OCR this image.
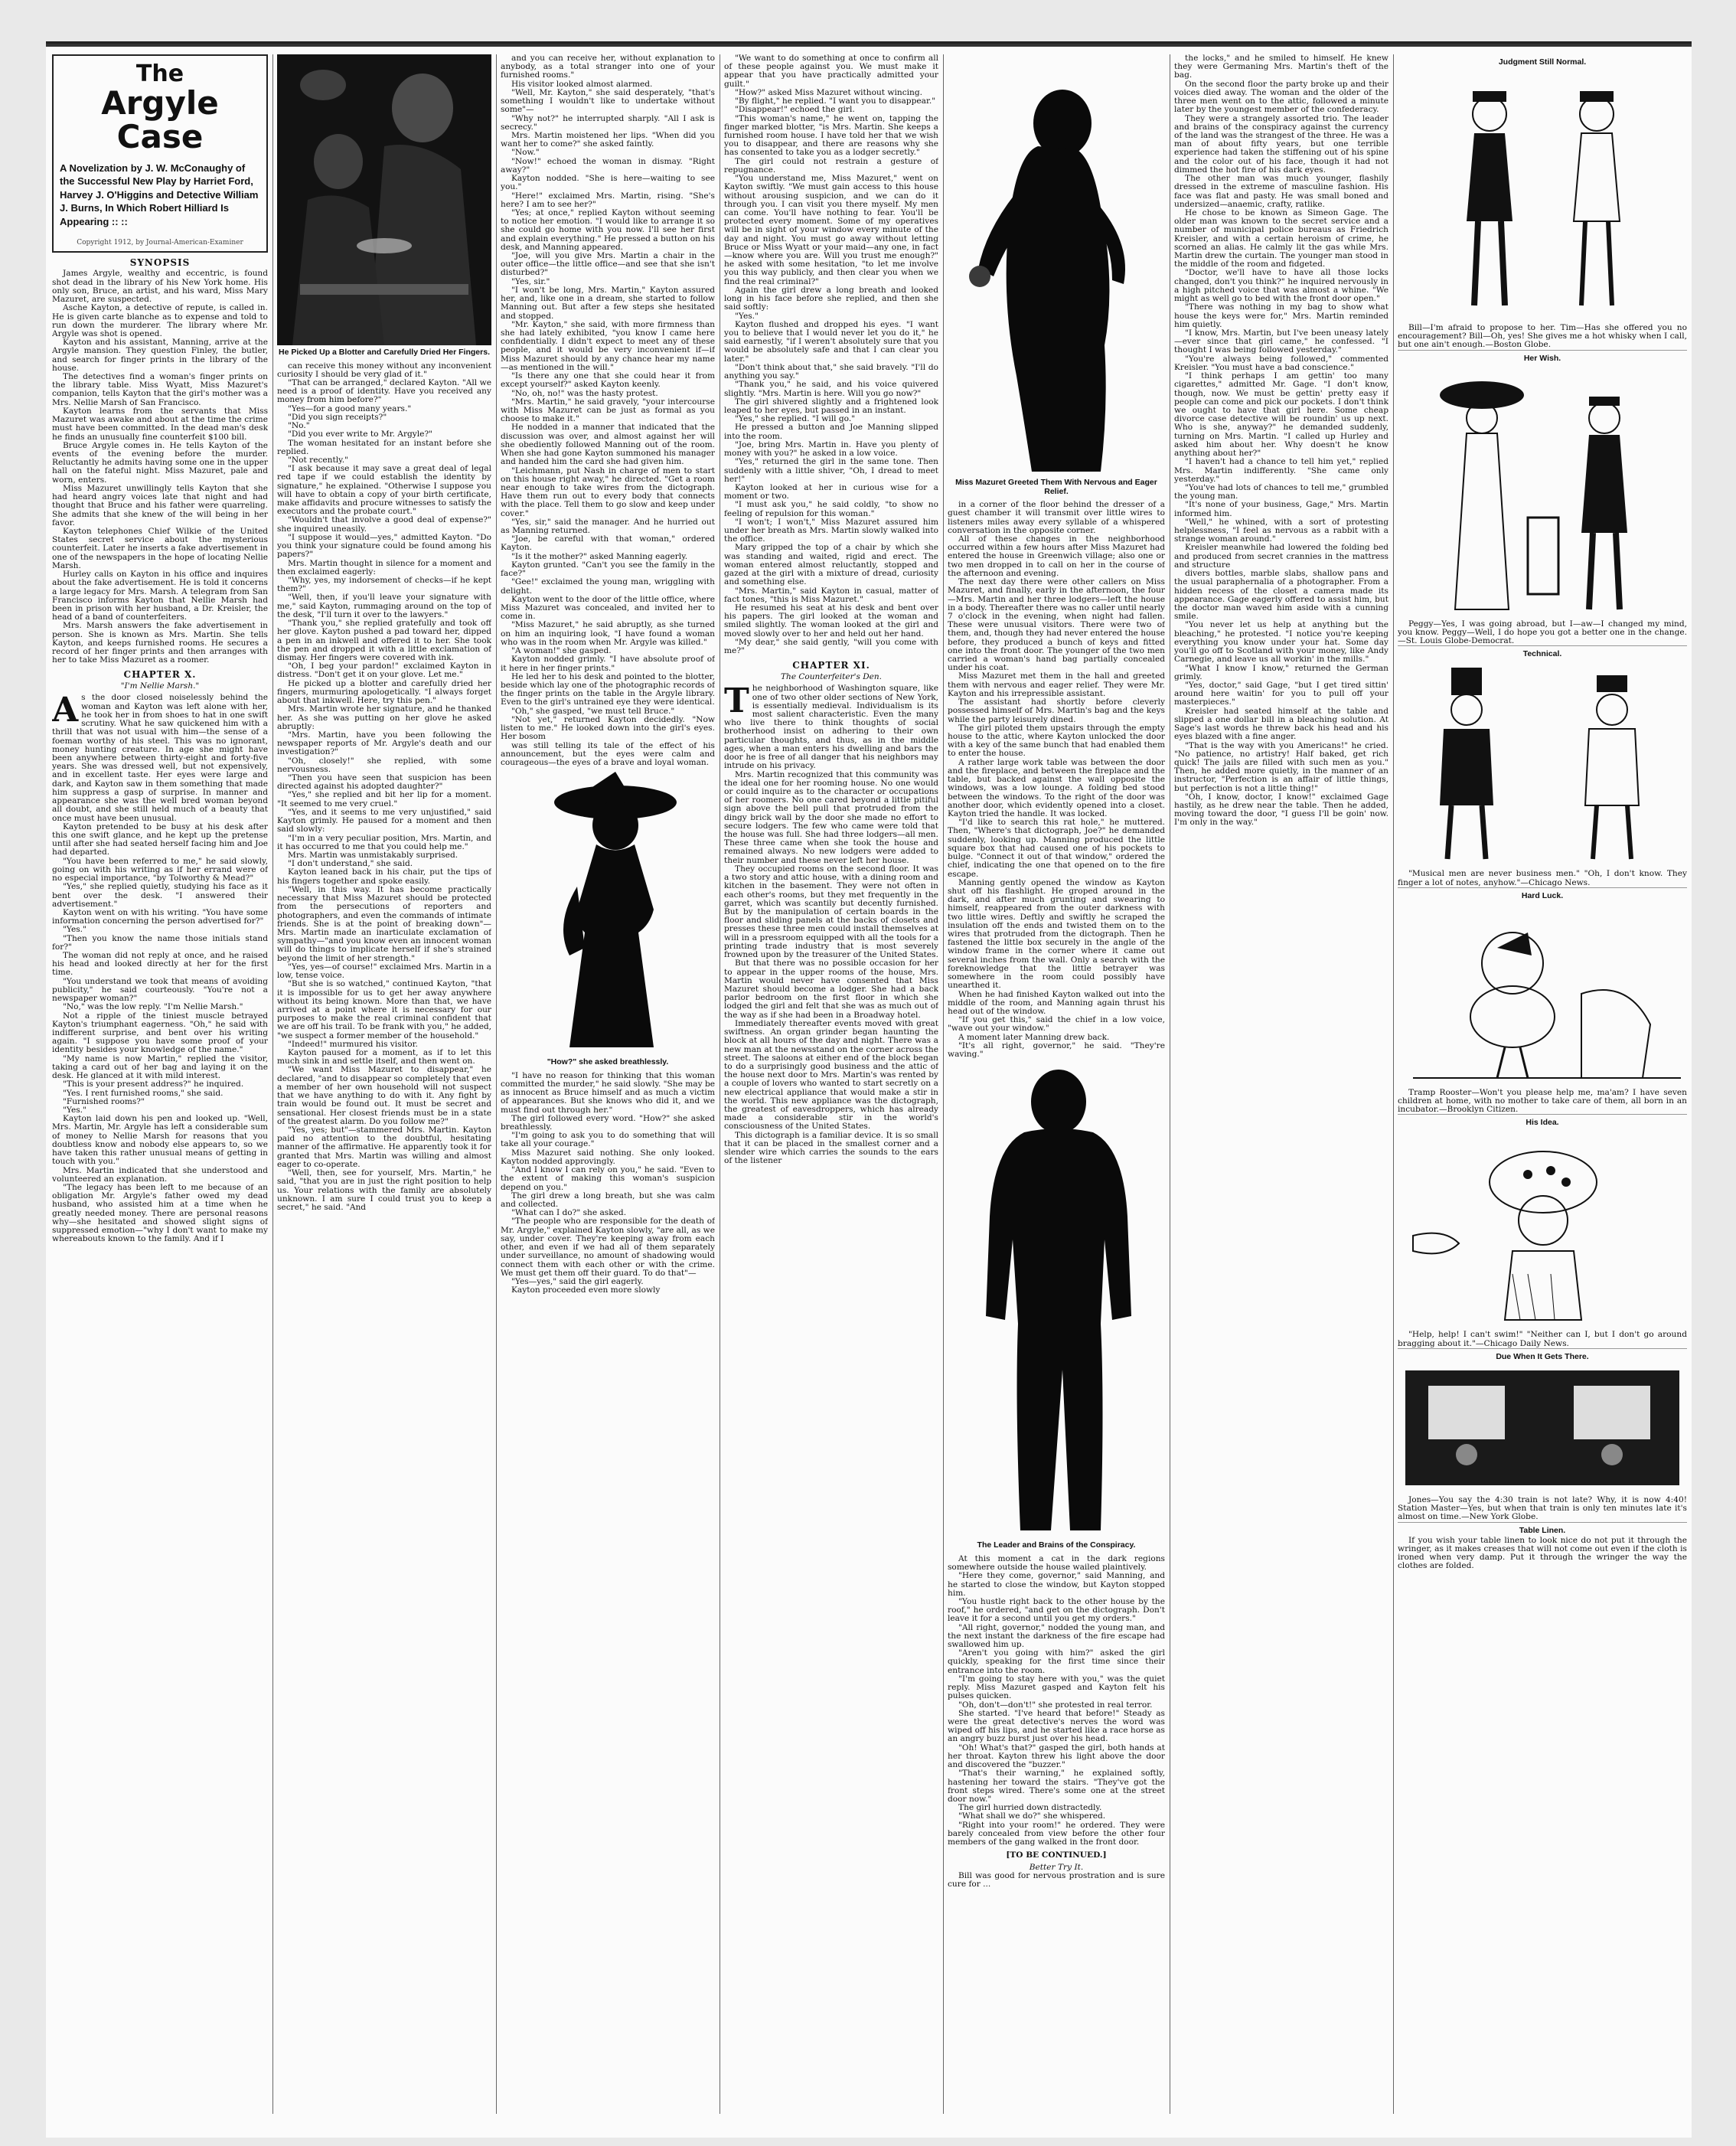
The
Argyle Case
A Novelization by J. W. McConaughy of the Successful New Play by Harriet Ford, Harvey J. O'Higgins and Detective William J. Burns, In Which Robert Hilliard Is Appearing :: ::
Copyright 1912, by Journal-American-Examiner
SYNOPSIS

James Argyle, wealthy and eccentric, is found shot dead in the library of his New York home. His only son, Bruce, an artist, and his ward, Miss Mary Mazuret, are suspected.

Asche Kayton, a detective of repute, is called in. He is given carte blanche as to expense and told to run down the murderer. The library where Mr. Argyle was shot is opened.

Kayton and his assistant, Manning, arrive at the Argyle mansion. They question Finley, the butler, and search for finger prints in the library of the house.

The detectives find a woman's finger prints on the library table. Miss Wyatt, Miss Mazuret's companion, tells Kayton that the girl's mother was a Mrs. Nellie Marsh of San Francisco.

Kayton learns from the servants that Miss Mazuret was awake and about at the time the crime must have been committed. In the dead man's desk he finds an unusually fine counterfeit $100 bill.

Bruce Argyle comes in. He tells Kayton of the events of the evening before the murder. Reluctantly he admits having some one in the upper hall on the fateful night. Miss Mazuret, pale and worn, enters.

Miss Mazuret unwillingly tells Kayton that she had heard angry voices late that night and had thought that Bruce and his father were quarreling. She admits that she knew of the will being in her favor.

Kayton telephones Chief Wilkie of the United States secret service about the mysterious counterfeit. Later he inserts a fake advertisement in one of the newspapers in the hope of locating Nellie Marsh.

Hurley calls on Kayton in his office and inquires about the fake advertisement. He is told it concerns a large legacy for Mrs. Marsh. A telegram from San Francisco informs Kayton that Nellie Marsh had been in prison with her husband, a Dr. Kreisler, the head of a band of counterfeiters.

Mrs. Marsh answers the fake advertisement in person. She is known as Mrs. Martin. She tells Kayton, and keeps furnished rooms. He secures a record of her finger prints and then arranges with her to take Miss Mazuret as a roomer.

CHAPTER X.
"I'm Nellie Marsh."

As the door closed noiselessly behind the woman and Kayton was left alone with her, he took her in from shoes to hat in one swift scrutiny. What he saw quickened him with a thrill that was not usual with him—the sense of a foeman worthy of his steel. This was no ignorant, money hunting creature. In age she might have been anywhere between thirty-eight and forty-five years. She was dressed well, but not expensively, and in excellent taste. Her eyes were large and dark, and Kayton saw in them something that made him suppress a gasp of surprise. In manner and appearance she was the well bred woman beyond all doubt, and she still held much of a beauty that once must have been unusual.

Kayton pretended to be busy at his desk after this one swift glance, and he kept up the pretense until after she had seated herself facing him and Joe had departed.

"You have been referred to me," he said slowly, going on with his writing as if her errand were of no especial importance, "by Tolworthy & Mead?"

"Yes," she replied quietly, studying his face as it bent over the desk. "I answered their advertisement."

Kayton went on with his writing. "You have some information concerning the person advertised for?"

"Yes."

"Then you know the name those initials stand for?"

The woman did not reply at once, and he raised his head and looked directly at her for the first time.

"You understand we took that means of avoiding publicity," he said courteously. "You're not a newspaper woman?"

"No," was the low reply. "I'm Nellie Marsh."

Not a ripple of the tiniest muscle betrayed Kayton's triumphant eagerness. "Oh," he said with indifferent surprise, and bent over his writing again. "I suppose you have some proof of your identity besides your knowledge of the name."

"My name is now Martin," replied the visitor, taking a card out of her bag and laying it on the desk. He glanced at it with mild interest.

"This is your present address?" he inquired.

"Yes. I rent furnished rooms," she said.

"Furnished rooms?"

"Yes."

Kayton laid down his pen and looked up. "Well, Mrs. Martin, Mr. Argyle has left a considerable sum of money to Nellie Marsh for reasons that you doubtless know and nobody else appears to, so we have taken this rather unusual means of getting in touch with you."

Mrs. Martin indicated that she understood and volunteered an explanation.

"The legacy has been left to me because of an obligation Mr. Argyle's father owed my dead husband, who assisted him at a time when he greatly needed money. There are personal reasons why—she hesitated and showed slight signs of suppressed emotion—"why I don't want to make my whereabouts known to the family. And if I

He Picked Up a Blotter and Carefully Dried Her Fingers.

can receive this money without any inconvenient curiosity I should be very glad of it."

"That can be arranged," declared Kayton. "All we need is a proof of identity. Have you received any money from him before?"

"Yes—for a good many years."

"Did you sign receipts?"

"No."

"Did you ever write to Mr. Argyle?"

The woman hesitated for an instant before she replied.

"Not recently."

"I ask because it may save a great deal of legal red tape if we could establish the identity by signature," he explained. "Otherwise I suppose you will have to obtain a copy of your birth certificate, make affidavits and procure witnesses to satisfy the executors and the probate court."

"Wouldn't that involve a good deal of expense?" she inquired uneasily.

"I suppose it would—yes," admitted Kayton. "Do you think your signature could be found among his papers?"

Mrs. Martin thought in silence for a moment and then exclaimed eagerly:

"Why, yes, my indorsement of checks—if he kept them?"

"Well, then, if you'll leave your signature with me," said Kayton, rummaging around on the top of the desk, "I'll turn it over to the lawyers."

"Thank you," she replied gratefully and took off her glove. Kayton pushed a pad toward her, dipped a pen in an inkwell and offered it to her. She took the pen and dropped it with a little exclamation of dismay. Her fingers were covered with ink.

"Oh, I beg your pardon!" exclaimed Kayton in distress. "Don't get it on your glove. Let me."

He picked up a blotter and carefully dried her fingers, murmuring apologetically. "I always forget about that inkwell. Here, try this pen."

Mrs. Martin wrote her signature, and he thanked her. As she was putting on her glove he asked abruptly:

"Mrs. Martin, have you been following the newspaper reports of Mr. Argyle's death and our investigation?"

"Oh, closely!" she replied, with some nervousness.

"Then you have seen that suspicion has been directed against his adopted daughter?"

"Yes," she replied and bit her lip for a moment. "It seemed to me very cruel."

"Yes, and it seems to me very unjustified," said Kayton grimly. He paused for a moment and then said slowly:

"I'm in a very peculiar position, Mrs. Martin, and it has occurred to me that you could help me."

Mrs. Martin was unmistakably surprised.

"I don't understand," she said.

Kayton leaned back in his chair, put the tips of his fingers together and spoke easily.

"Well, in this way. It has become practically necessary that Miss Mazuret should be protected from the persecutions of reporters and photographers, and even the commands of intimate friends. She is at the point of breaking down"—Mrs. Martin made an inarticulate exclamation of sympathy—"and you know even an innocent woman will do things to implicate herself if she's strained beyond the limit of her strength."

"Yes, yes—of course!" exclaimed Mrs. Martin in a low, tense voice.

"But she is so watched," continued Kayton, "that it is impossible for us to get her away anywhere without its being known. More than that, we have arrived at a point where it is necessary for our purposes to make the real criminal confident that we are off his trail. To be frank with you," he added, "we suspect a former member of the household."

"Indeed!" murmured his visitor.

Kayton paused for a moment, as if to let this much sink in and settle itself, and then went on.

"We want Miss Mazuret to disappear," he declared, "and to disappear so completely that even a member of her own household will not suspect that we have anything to do with it. Any fight by train would be found out. It must be secret and sensational. Her closest friends must be in a state of the greatest alarm. Do you follow me?"

"Yes, yes; but"—stammered Mrs. Martin. Kayton paid no attention to the doubtful, hesitating manner of the affirmative. He apparently took it for granted that Mrs. Martin was willing and almost eager to co-operate.

"Well, then, see for yourself, Mrs. Martin," he said, "that you are in just the right position to help us. Your relations with the family are absolutely unknown. I am sure I could trust you to keep a secret," he said. "And

and you can receive her, without explanation to anybody, as a total stranger into one of your furnished rooms."

His visitor looked almost alarmed.

"Well, Mr. Kayton," she said desperately, "that's something I wouldn't like to undertake without some"—

"Why not?" he interrupted sharply. "All I ask is secrecy."

Mrs. Martin moistened her lips. "When did you want her to come?" she asked faintly.

"Now."

"Now!" echoed the woman in dismay. "Right away?"

Kayton nodded. "She is here—waiting to see you."

"Here!" exclaimed Mrs. Martin, rising. "She's here? I am to see her?"

"Yes; at once," replied Kayton without seeming to notice her emotion. "I would like to arrange it so she could go home with you now. I'll see her first and explain everything." He pressed a button on his desk, and Manning appeared.

"Joe, will you give Mrs. Martin a chair in the outer office—the little office—and see that she isn't disturbed?"

"Yes, sir."

"I won't be long, Mrs. Martin," Kayton assured her, and, like one in a dream, she started to follow Manning out. But after a few steps she hesitated and stopped.

"Mr. Kayton," she said, with more firmness than she had lately exhibited, "you know I came here confidentially. I didn't expect to meet any of these people, and it would be very inconvenient if—if Miss Mazuret should by any chance hear my name—as mentioned in the will."

"Is there any one that she could hear it from except yourself?" asked Kayton keenly.

"No, oh, no!" was the hasty protest.

"Mrs. Martin," he said gravely, "your intercourse with Miss Mazuret can be just as formal as you choose to make it."

He nodded in a manner that indicated that the discussion was over, and almost against her will she obediently followed Manning out of the room. When she had gone Kayton summoned his manager and handed him the card she had given him.

"Leichmann, put Nash in charge of men to start on this house right away," he directed. "Get a room near enough to take wires from the dictograph. Have them run out to every body that connects with the place. Tell them to go slow and keep under cover."

"Yes, sir," said the manager. And he hurried out as Manning returned.

"Joe, be careful with that woman," ordered Kayton.

"Is it the mother?" asked Manning eagerly.

Kayton grunted. "Can't you see the family in the face?"

"Gee!" exclaimed the young man, wriggling with delight.

Kayton went to the door of the little office, where Miss Mazuret was concealed, and invited her to come in.

"Miss Mazuret," he said abruptly, as she turned on him an inquiring look, "I have found a woman who was in the room when Mr. Argyle was killed."

"A woman!" she gasped.

Kayton nodded grimly. "I have absolute proof of it here in her finger prints."

He led her to his desk and pointed to the blotter, beside which lay one of the photographic records of the finger prints on the table in the Argyle library. Even to the girl's untrained eye they were identical.

"Oh," she gasped, "we must tell Bruce."

"Not yet," returned Kayton decidedly. "Now listen to me." He looked down into the girl's eyes. Her bosom

was still telling its tale of the effect of his announcement, but the eyes were calm and courageous—the eyes of a brave and loyal woman.

"How?" she asked breathlessly.

"I have no reason for thinking that this woman committed the murder," he said slowly. "She may be as innocent as Bruce himself and as much a victim of appearances. But she knows who did it, and we must find out through her."

The girl followed every word. "How?" she asked breathlessly.

"I'm going to ask you to do something that will take all your courage."

Miss Mazuret said nothing. She only looked. Kayton nodded approvingly.

"And I know I can rely on you," he said. "Even to the extent of making this woman's suspicion depend on you."

The girl drew a long breath, but she was calm and collected.

"What can I do?" she asked.

"The people who are responsible for the death of Mr. Argyle," explained Kayton slowly, "are all, as we say, under cover. They're keeping away from each other, and even if we had all of them separately under surveillance, no amount of shadowing would connect them with each other or with the crime. We must get them off their guard. To do that"—

"Yes—yes," said the girl eagerly.

Kayton proceeded even more slowly

"We want to do something at once to confirm all of these people against you. We must make it appear that you have practically admitted your guilt."

"How?" asked Miss Mazuret without wincing.

"By flight," he replied. "I want you to disappear."

"Disappear!" echoed the girl.

"This woman's name," he went on, tapping the finger marked blotter, "is Mrs. Martin. She keeps a furnished room house. I have told her that we wish you to disappear, and there are reasons why she has consented to take you as a lodger secretly."

The girl could not restrain a gesture of repugnance.

"You understand me, Miss Mazuret," went on Kayton swiftly. "We must gain access to this house without arousing suspicion, and we can do it through you. I can visit you there myself. My men can come. You'll have nothing to fear. You'll be protected every moment. Some of my operatives will be in sight of your window every minute of the day and night. You must go away without letting Bruce or Miss Wyatt or your maid—any one, in fact—know where you are. Will you trust me enough?" he asked with some hesitation, "to let me involve you this way publicly, and then clear you when we find the real criminal?"

Again the girl drew a long breath and looked long in his face before she replied, and then she said softly:

"Yes."

Kayton flushed and dropped his eyes. "I want you to believe that I would never let you do it," he said earnestly, "if I weren't absolutely sure that you would be absolutely safe and that I can clear you later."

"Don't think about that," she said bravely. "I'll do anything you say."

"Thank you," he said, and his voice quivered slightly. "Mrs. Martin is here. Will you go now?"

The girl shivered slightly and a frightened look leaped to her eyes, but passed in an instant.

"Yes," she replied. "I will go."

He pressed a button and Joe Manning slipped into the room.

"Joe, bring Mrs. Martin in. Have you plenty of money with you?" he asked in a low voice.

"Yes," returned the girl in the same tone. Then suddenly with a little shiver, "Oh, I dread to meet her!"

Kayton looked at her in curious wise for a moment or two.

"I must ask you," he said coldly, "to show no feeling of repulsion for this woman."

"I won't; I won't," Miss Mazuret assured him under her breath as Mrs. Martin slowly walked into the office.

Mary gripped the top of a chair by which she was standing and waited, rigid and erect. The woman entered almost reluctantly, stopped and gazed at the girl with a mixture of dread, curiosity and something else.

"Mrs. Martin," said Kayton in casual, matter of fact tones, "this is Miss Mazuret."

He resumed his seat at his desk and bent over his papers. The girl looked at the woman and smiled slightly. The woman looked at the girl and moved slowly over to her and held out her hand.

"My dear," she said gently, "will you come with me?"

CHAPTER XI.
The Counterfeiter's Den.

The neighborhood of Washington square, like one of two other older sections of New York, is essentially medieval. Individualism is its most salient characteristic. Even the many who live there to think thoughts of social brotherhood insist on adhering to their own particular thoughts, and thus, as in the middle ages, when a man enters his dwelling and bars the door he is free of all danger that his neighbors may intrude on his privacy.

Mrs. Martin recognized that this community was the ideal one for her rooming house. No one would or could inquire as to the character or occupations of her roomers. No one cared beyond a little pitiful sign above the bell pull that protruded from the dingy brick wall by the door she made no effort to secure lodgers. The few who came were told that the house was full. She had three lodgers—all men. These three came when she took the house and remained always. No new lodgers were added to their number and these never left her house.

They occupied rooms on the second floor. It was a two story and attic house, with a dining room and kitchen in the basement. They were not often in each other's rooms, but they met frequently in the garret, which was scantily but decently furnished. But by the manipulation of certain boards in the floor and sliding panels at the backs of closets and presses these three men could install themselves at will in a pressroom equipped with all the tools for a printing trade industry that is most severely frowned upon by the treasurer of the United States.

But that there was no possible occasion for her to appear in the upper rooms of the house, Mrs. Martin would never have consented that Miss Mazuret should become a lodger. She had a back parlor bedroom on the first floor in which she lodged the girl and felt that she was as much out of the way as if she had been in a Broadway hotel.

Immediately thereafter events moved with great swiftness. An organ grinder began haunting the block at all hours of the day and night. There was a new man at the newsstand on the corner across the street. The saloons at either end of the block began to do a surprisingly good business and the attic of the house next door to Mrs. Martin's was rented by a couple of lovers who wanted to start secretly on a new electrical appliance that would make a stir in the world. This new appliance was the dictograph, the greatest of eavesdroppers, which has already made a considerable stir in the world's consciousness of the United States.

This dictograph is a familiar device. It is so small that it can be placed in the smallest corner and a slender wire which carries the sounds to the ears of the listener

Miss Mazuret Greeted Them With Nervous and Eager Relief.

in a corner of the floor behind the dresser of a guest chamber it will transmit over little wires to listeners miles away every syllable of a whispered conversation in the opposite corner.

All of these changes in the neighborhood occurred within a few hours after Miss Mazuret had entered the house in Greenwich village; also one or two men dropped in to call on her in the course of the afternoon and evening.

The next day there were other callers on Miss Mazuret, and finally, early in the afternoon, the four—Mrs. Martin and her three lodgers—left the house in a body. Thereafter there was no caller until nearly 7 o'clock in the evening, when night had fallen. These were unusual visitors. There were two of them, and, though they had never entered the house before, they produced a bunch of keys and fitted one into the front door. The younger of the two men carried a woman's hand bag partially concealed under his coat.

Miss Mazuret met them in the hall and greeted them with nervous and eager relief. They were Mr. Kayton and his irrepressible assistant.

The assistant had shortly before cleverly possessed himself of Mrs. Martin's bag and the keys while the party leisurely dined.

The girl piloted them upstairs through the empty house to the attic, where Kayton unlocked the door with a key of the same bunch that had enabled them to enter the house.

A rather large work table was between the door and the fireplace, and between the fireplace and the table, but backed against the wall opposite the windows, was a low lounge. A folding bed stood between the windows. To the right of the door was another door, which evidently opened into a closet. Kayton tried the handle. It was locked.

"I'd like to search this rat hole," he muttered. Then, "Where's that dictograph, Joe?" he demanded suddenly, looking up. Manning produced the little square box that had caused one of his pockets to bulge. "Connect it out of that window," ordered the chief, indicating the one that opened on to the fire escape.

Manning gently opened the window as Kayton shut off his flashlight. He groped around in the dark, and after much grunting and swearing to himself, reappeared from the outer darkness with two little wires. Deftly and swiftly he scraped the insulation off the ends and twisted them on to the wires that protruded from the dictograph. Then he fastened the little box securely in the angle of the window frame in the corner where it came out several inches from the wall. Only a search with the foreknowledge that the little betrayer was somewhere in the room could possibly have unearthed it.

When he had finished Kayton walked out into the middle of the room, and Manning again thrust his head out of the window.

"If you get this," said the chief in a low voice, "wave out your window."

A moment later Manning drew back.

"It's all right, governor," he said. "They're waving."

The Leader and Brains of the Conspiracy.

At this moment a cat in the dark regions somewhere outside the house wailed plaintively.

"Here they come, governor," said Manning, and he started to close the window, but Kayton stopped him.

"You hustle right back to the other house by the roof," he ordered, "and get on the dictograph. Don't leave it for a second until you get my orders."

"All right, governor," nodded the young man, and the next instant the darkness of the fire escape had swallowed him up.

"Aren't you going with him?" asked the girl quickly, speaking for the first time since their entrance into the room.

"I'm going to stay here with you," was the quiet reply. Miss Mazuret gasped and Kayton felt his pulses quicken.

"Oh, don't—don't!" she protested in real terror.

She started. "I've heard that before!" Steady as were the great detective's nerves the word was wiped off his lips, and he started like a race horse as an angry buzz burst just over his head.

"Oh! What's that?" gasped the girl, both hands at her throat. Kayton threw his light above the door and discovered the "buzzer."

"That's their warning," he explained softly, hastening her toward the stairs. "They've got the front steps wired. There's some one at the street door now."

The girl hurried down distractedly.

"What shall we do?" she whispered.

"Right into your room!" he ordered. They were barely concealed from view before the other four members of the gang walked in the front door.

[TO BE CONTINUED.]

Better Try It.

Bill was good for nervous prostration and is sure cure for ...

the locks," and he smiled to himself. He knew they were Germaning Mrs. Martin's theft of the bag.

On the second floor the party broke up and their voices died away. The woman and the older of the three men went on to the attic, followed a minute later by the youngest member of the confederacy.

They were a strangely assorted trio. The leader and brains of the conspiracy against the currency of the land was the strangest of the three. He was a man of about fifty years, but one terrible experience had taken the stiffening out of his spine and the color out of his face, though it had not dimmed the hot fire of his dark eyes.

The other man was much younger, flashily dressed in the extreme of masculine fashion. His face was flat and pasty. He was small boned and undersized—anaemic, crafty, ratlike.

He chose to be known as Simeon Gage. The older man was known to the secret service and a number of municipal police bureaus as Friedrich Kreisler, and with a certain heroism of crime, he scorned an alias. He calmly lit the gas while Mrs. Martin drew the curtain. The younger man stood in the middle of the room and fidgeted.

"Doctor, we'll have to have all those locks changed, don't you think?" he inquired nervously in a high pitched voice that was almost a whine. "We might as well go to bed with the front door open."

"There was nothing in my bag to show what house the keys were for," Mrs. Martin reminded him quietly.

"I know, Mrs. Martin, but I've been uneasy lately—ever since that girl came," he confessed. "I thought I was being followed yesterday."

"You're always being followed," commented Kreisler. "You must have a bad conscience."

"I think perhaps I am gettin' too many cigarettes," admitted Mr. Gage. "I don't know, though, now. We must be gettin' pretty easy if people can come and pick our pockets. I don't think we ought to have that girl here. Some cheap divorce case detective will be roundin' us up next. Who is she, anyway?" he demanded suddenly, turning on Mrs. Martin. "I called up Hurley and asked him about her. Why doesn't he know anything about her?"

"I haven't had a chance to tell him yet," replied Mrs. Martin indifferently. "She came only yesterday."

"You've had lots of chances to tell me," grumbled the young man.

"It's none of your business, Gage," Mrs. Martin informed him.

"Well," he whined, with a sort of protesting helplessness, "I feel as nervous as a rabbit with a strange woman around."

Kreisler meanwhile had lowered the folding bed and produced from secret crannies in the mattress and structure

divers bottles, marble slabs, shallow pans and the usual paraphernalia of a photographer. From a hidden recess of the closet a camera made its appearance. Gage eagerly offered to assist him, but the doctor man waved him aside with a cunning smile.

"You never let us help at anything but the bleaching," he protested. "I notice you're keeping everything you know under your hat. Some day you'll go off to Scotland with your money, like Andy Carnegie, and leave us all workin' in the mills."

"What I know I know," returned the German grimly.

"Yes, doctor," said Gage, "but I get tired sittin' around here waitin' for you to pull off your masterpieces."

Kreisler had seated himself at the table and slipped a one dollar bill in a bleaching solution. At Sage's last words he threw back his head and his eyes blazed with a fine anger.

"That is the way with you Americans!" he cried. "No patience, no artistry! Half baked, get rich quick! The jails are filled with such men as you." Then, he added more quietly, in the manner of an instructor, "Perfection is an affair of little things, but perfection is not a little thing!"

"Oh, I know, doctor, I know!" exclaimed Gage hastily, as he drew near the table. Then he added, moving toward the door, "I guess I'll be goin' now. I'm only in the way."

Judgment Still Normal.

Bill—I'm afraid to propose to her. Tim—Has she offered you no encouragement? Bill—Oh, yes! She gives me a hot whisky when I call, but one ain't enough.—Boston Globe.

Her Wish.

Peggy—Yes, I was going abroad, but I—aw—I changed my mind, you know. Peggy—Well, I do hope you got a better one in the change.—St. Louis Globe-Democrat.

Technical.

"Musical men are never business men." "Oh, I don't know. They finger a lot of notes, anyhow."—Chicago News.

Hard Luck.

Tramp Rooster—Won't you please help me, ma'am? I have seven children at home, with no mother to take care of them, all born in an incubator.—Brooklyn Citizen.

His Idea.

"Help, help! I can't swim!" "Neither can I, but I don't go around bragging about it."—Chicago Daily News.

Due When It Gets There.

Jones—You say the 4:30 train is not late? Why, it is now 4:40! Station Master—Yes, but when that train is only ten minutes late it's almost on time.—New York Globe.

Table Linen.

If you wish your table linen to look nice do not put it through the wringer, as it makes creases that will not come out even if the cloth is ironed when very damp. Put it through the wringer the way the clothes are folded.
